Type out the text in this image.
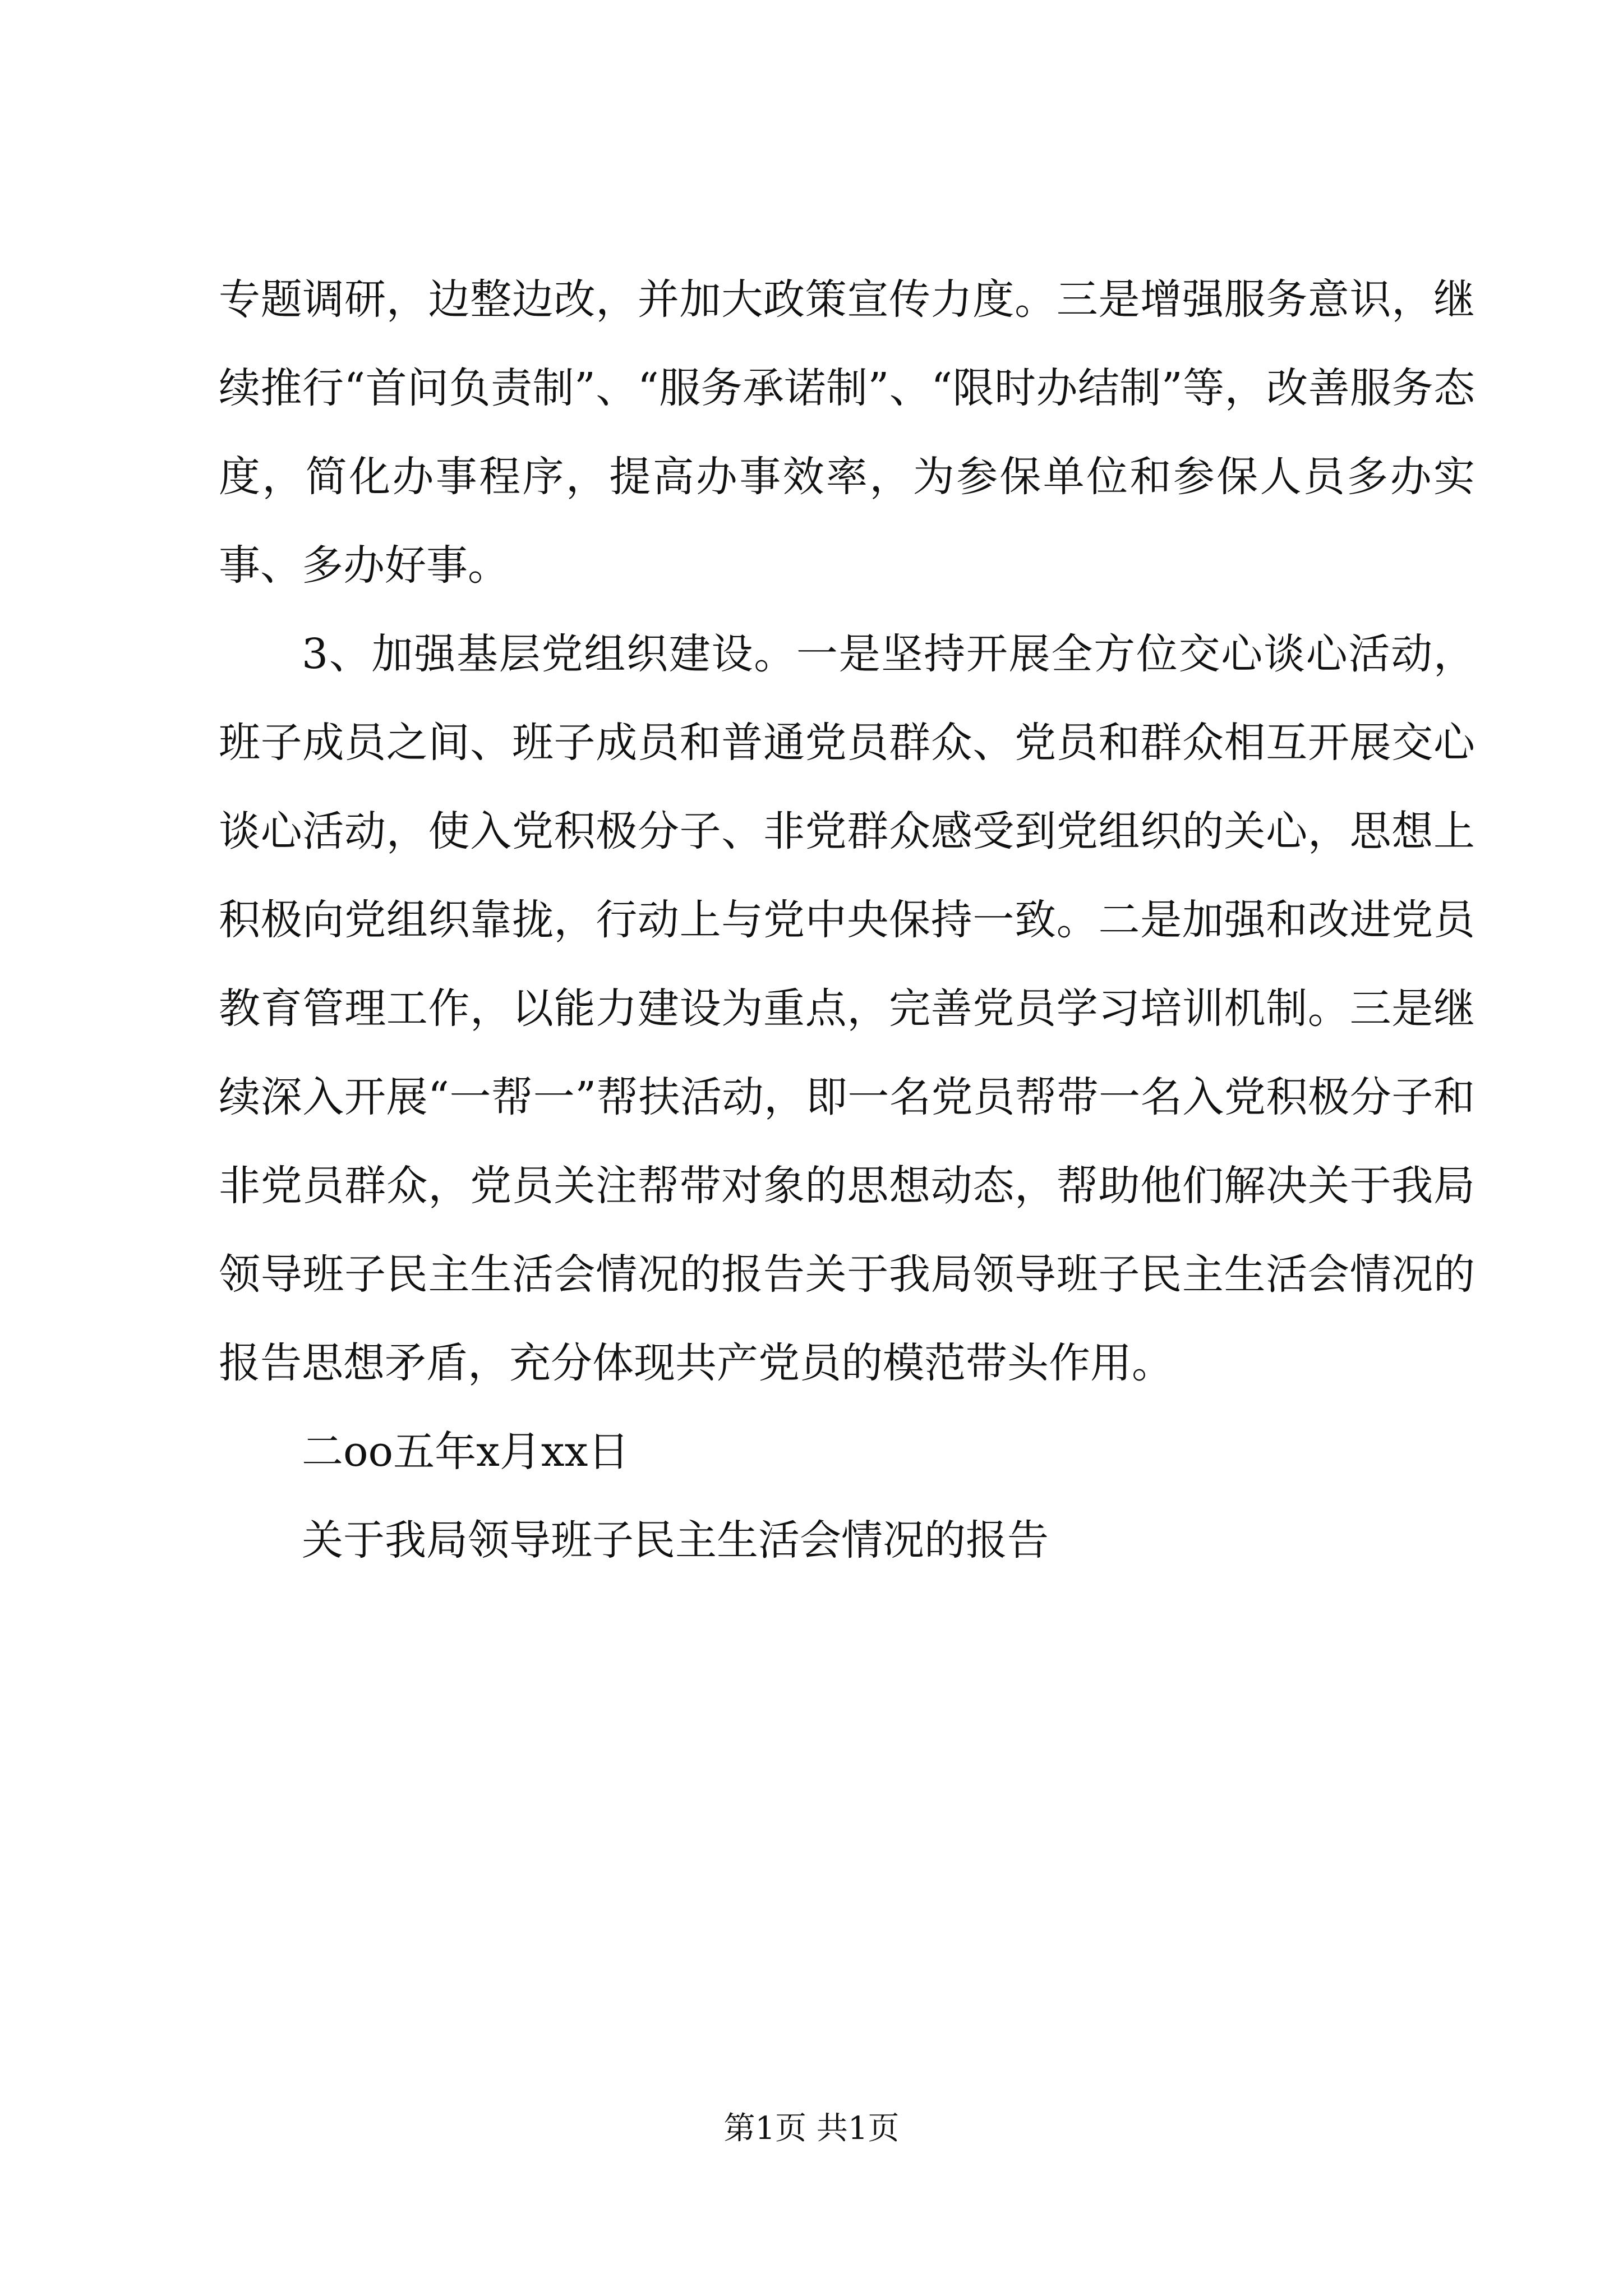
专题调研，边整边改，并加大政策宣传力度。三是增强服务意识，继续推行“首问负责制”、“服务承诺制”、“限时办结制”等，改善服务态度，简化办事程序，提高办事效率，为参保单位和参保人员多办实事、多办好事。

3、加强基层党组织建设。一是坚持开展全方位交心谈心活动，班子成员之间、班子成员和普通党员群众、党员和群众相互开展交心谈心活动，使入党积极分子、非党群众感受到党组织的关心，思想上积极向党组织靠拢，行动上与党中央保持一致。二是加强和改进党员教育管理工作，以能力建设为重点，完善党员学习培训机制。三是继续深入开展“一帮一”帮扶活动，即一名党员帮带一名入党积极分子和非党员群众，党员关注帮带对象的思想动态，帮助他们解决关于我局领导班子民主生活会情况的报告关于我局领导班子民主生活会情况的报告思想矛盾，充分体现共产党员的模范带头作用。

二oo五年x月xx日

关于我局领导班子民主生活会情况的报告

第1页 共1页
